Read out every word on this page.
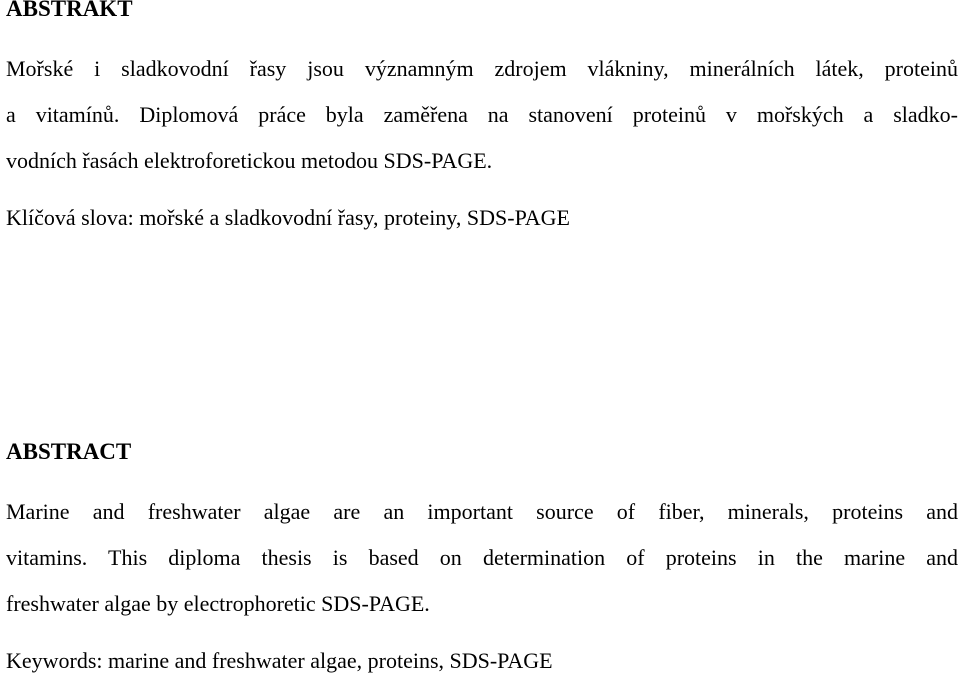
ABSTRAKT
Mořské i sladkovodní řasy jsou významným zdrojem vlákniny, minerálních látek, proteinů
a vitamínů. Diplomová práce byla zaměřena na stanovení proteinů v mořských a sladko-
vodních řasách elektroforetickou metodou SDS-PAGE.

Klíčová slova: mořské a sladkovodní řasy, proteiny, SDS-PAGE

ABSTRACT
Marine and freshwater algae are an important source of fiber, minerals, proteins and
vitamins. This diploma thesis is based on determination of proteins in the marine and
freshwater algae by electrophoretic SDS-PAGE.

Keywords: marine and freshwater algae, proteins, SDS-PAGE
